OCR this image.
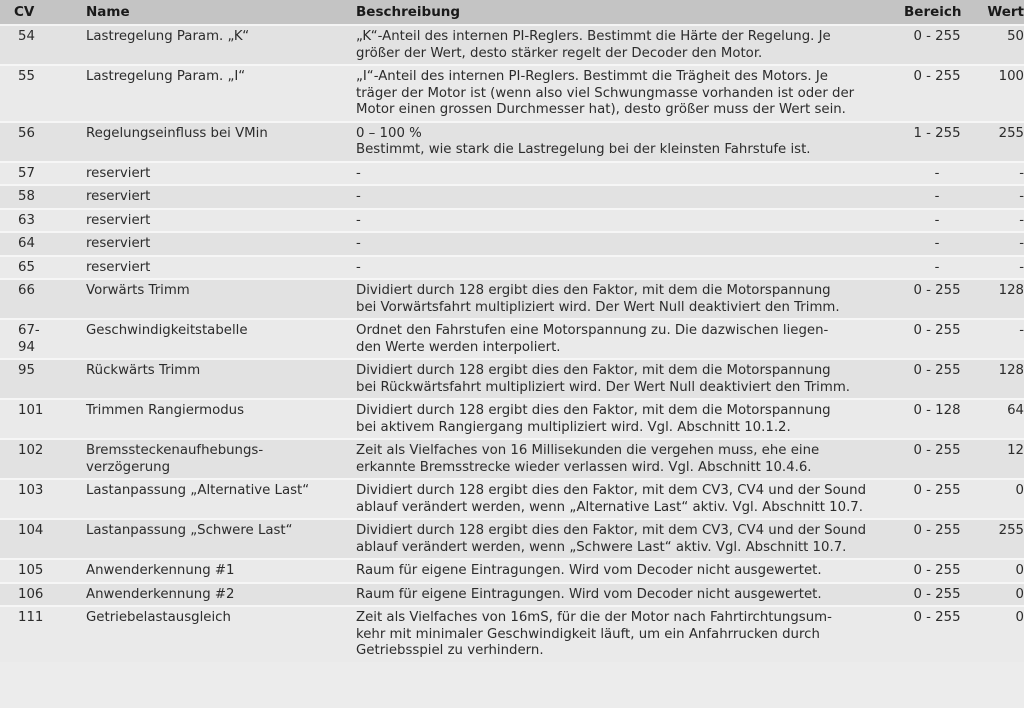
CV	Name	Beschreibung	Bereich	Wert
54	Lastregelung Param. „K“	„K“-Anteil des internen PI-Reglers. Bestimmt die Härte der Regelung. Je
größer der Wert, desto stärker regelt der Decoder den Motor.	0 - 255	50
55	Lastregelung Param. „I“	„I“-Anteil des internen PI-Reglers. Bestimmt die Trägheit des Motors. Je
träger der Motor ist (wenn also viel Schwungmasse vorhanden ist oder der
Motor einen grossen Durchmesser hat), desto größer muss der Wert sein.	0 - 255	100
56	Regelungseinfluss bei VMin	0 – 100 %
Bestimmt, wie stark die Lastregelung bei der kleinsten Fahrstufe ist.	1 - 255	255
57	reserviert	-	-	-
58	reserviert	-	-	-
63	reserviert	-	-	-
64	reserviert	-	-	-
65	reserviert	-	-	-
66	Vorwärts Trimm	Dividiert durch 128 ergibt dies den Faktor, mit dem die Motorspannung
bei Vorwärtsfahrt multipliziert wird. Der Wert Null deaktiviert den Trimm.	0 - 255	128
67-
94	Geschwindigkeitstabelle	Ordnet den Fahrstufen eine Motorspannung zu. Die dazwischen liegen-
den Werte werden interpoliert.	0 - 255	-
95	Rückwärts Trimm	Dividiert durch 128 ergibt dies den Faktor, mit dem die Motorspannung
bei Rückwärtsfahrt multipliziert wird. Der Wert Null deaktiviert den Trimm.	0 - 255	128
101	Trimmen Rangiermodus	Dividiert durch 128 ergibt dies den Faktor, mit dem die Motorspannung
bei aktivem Rangiergang multipliziert wird. Vgl. Abschnitt 10.1.2.	0 - 128	64
102	Bremssteckenaufhebungs-
verzögerung	Zeit als Vielfaches von 16 Millisekunden die vergehen muss, ehe eine
erkannte Bremsstrecke wieder verlassen wird. Vgl. Abschnitt 10.4.6.	0 - 255	12
103	Lastanpassung „Alternative Last“	Dividiert durch 128 ergibt dies den Faktor, mit dem CV3, CV4 und der Sound
ablauf verändert werden, wenn „Alternative Last“ aktiv. Vgl. Abschnitt 10.7.	0 - 255	0
104	Lastanpassung „Schwere Last“	Dividiert durch 128 ergibt dies den Faktor, mit dem CV3, CV4 und der Sound
ablauf verändert werden, wenn „Schwere Last“ aktiv. Vgl. Abschnitt 10.7.	0 - 255	255
105	Anwenderkennung #1	Raum für eigene Eintragungen. Wird vom Decoder nicht ausgewertet.	0 - 255	0
106	Anwenderkennung #2	Raum für eigene Eintragungen. Wird vom Decoder nicht ausgewertet.	0 - 255	0
111	Getriebelastausgleich	Zeit als Vielfaches von 16mS, für die der Motor nach Fahrtirchtungsum-
kehr mit minimaler Geschwindigkeit läuft, um ein Anfahrrucken durch
Getriebsspiel zu verhindern.	0 - 255	0
